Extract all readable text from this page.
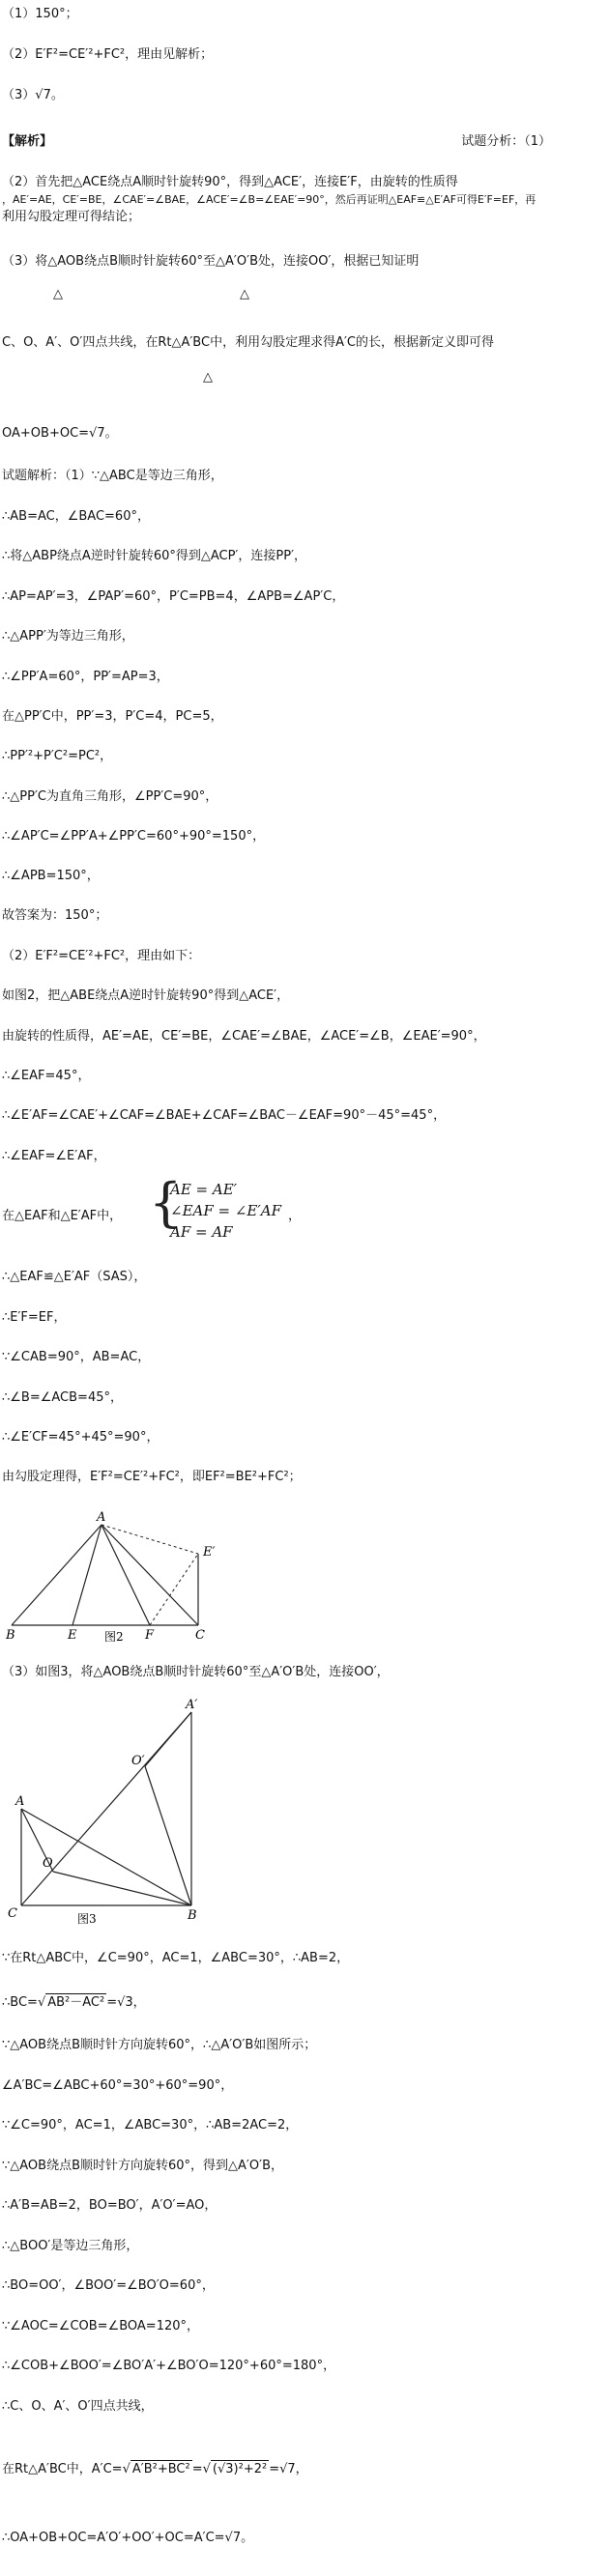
（1）150°；
（2）E′F²=CE′²+FC²，理由见解析；
（3）√7。
【解析】	试题分析：（1）
（2）首先把△ACE绕点A顺时针旋转90°，得到△ACE′，连接E′F，由旋转的性质得
，AE′=AE，CE′=BE，∠CAE′=∠BAE，∠ACE′=∠B=∠EAE′=90°，然后再证明△EAF≌△E′AF可得E′F=EF，再
利用勾股定理可得结论；
（3）将△AOB绕点B顺时针旋转60°至△A′O′B处，连接OO′，根据已知证明
△	△
C、O、A′、O′四点共线，在Rt△A′BC中，利用勾股定理求得A′C的长，根据新定义即可得
△
OA+OB+OC=√7。
试题解析：（1）∵△ABC是等边三角形，
∴AB=AC，∠BAC=60°，
∴将△ABP绕点A逆时针旋转60°得到△ACP′，连接PP′，
∴AP=AP′=3，∠PAP′=60°，P′C=PB=4，∠APB=∠AP′C，
∴△APP′为等边三角形，
∴∠PP′A=60°，PP′=AP=3，
在△PP′C中，PP′=3，P′C=4，PC=5，
∴PP′²+P′C²=PC²，
∴△PP′C为直角三角形，∠PP′C=90°，
∴∠AP′C=∠PP′A+∠PP′C=60°+90°=150°，
∴∠APB=150°，
故答案为：150°；
（2）E′F²=CE′²+FC²，理由如下：
如图2，把△ABE绕点A逆时针旋转90°得到△ACE′，
由旋转的性质得，AE′=AE，CE′=BE，∠CAE′=∠BAE，∠ACE′=∠B，∠EAE′=90°，
∴∠EAF=45°，
∴∠E′AF=∠CAE′+∠CAF=∠BAE+∠CAF=∠BAC－∠EAF=90°－45°=45°，
∴∠EAF=∠E′AF，
在△EAF和△E′AF中， {
AE = AE′
∠EAF = ∠E′AF
AF = AF
，
∴△EAF≌△E′AF（SAS），
∴E′F=EF，
∵∠CAB=90°，AB=AC，
∴∠B=∠ACB=45°，
∴∠E′CF=45°+45°=90°，
由勾股定理得，E′F²=CE′²+FC²，即EF²=BE²+FC²；
A
B	E	F	C
E′
图2
（3）如图3，将△AOB绕点B顺时针旋转60°至△A′O′B处，连接OO′，
A′
O′
A
O
C	B
图3
∵在Rt△ABC中，∠C=90°，AC=1，∠ABC=30°，∴AB=2，
∴BC=√ AB²－AC² =√3，
∵△AOB绕点B顺时针方向旋转60°，∴△A′O′B如图所示；
∠A′BC=∠ABC+60°=30°+60°=90°，
∵∠C=90°，AC=1，∠ABC=30°，∴AB=2AC=2，
∵△AOB绕点B顺时针方向旋转60°，得到△A′O′B，
∴A′B=AB=2，BO=BO′，A′O′=AO，
∴△BOO′是等边三角形，
∴BO=OO′，∠BOO′=∠BO′O=60°，
∵∠AOC=∠COB=∠BOA=120°，
∴∠COB+∠BOO′=∠BO′A′+∠BO′O=120°+60°=180°，
∴C、O、A′、O′四点共线，
在Rt△A′BC中，A′C=√ A′B²+BC² =√ (√3)²+2² =√7，
∴OA+OB+OC=A′O′+OO′+OC=A′C=√7。
